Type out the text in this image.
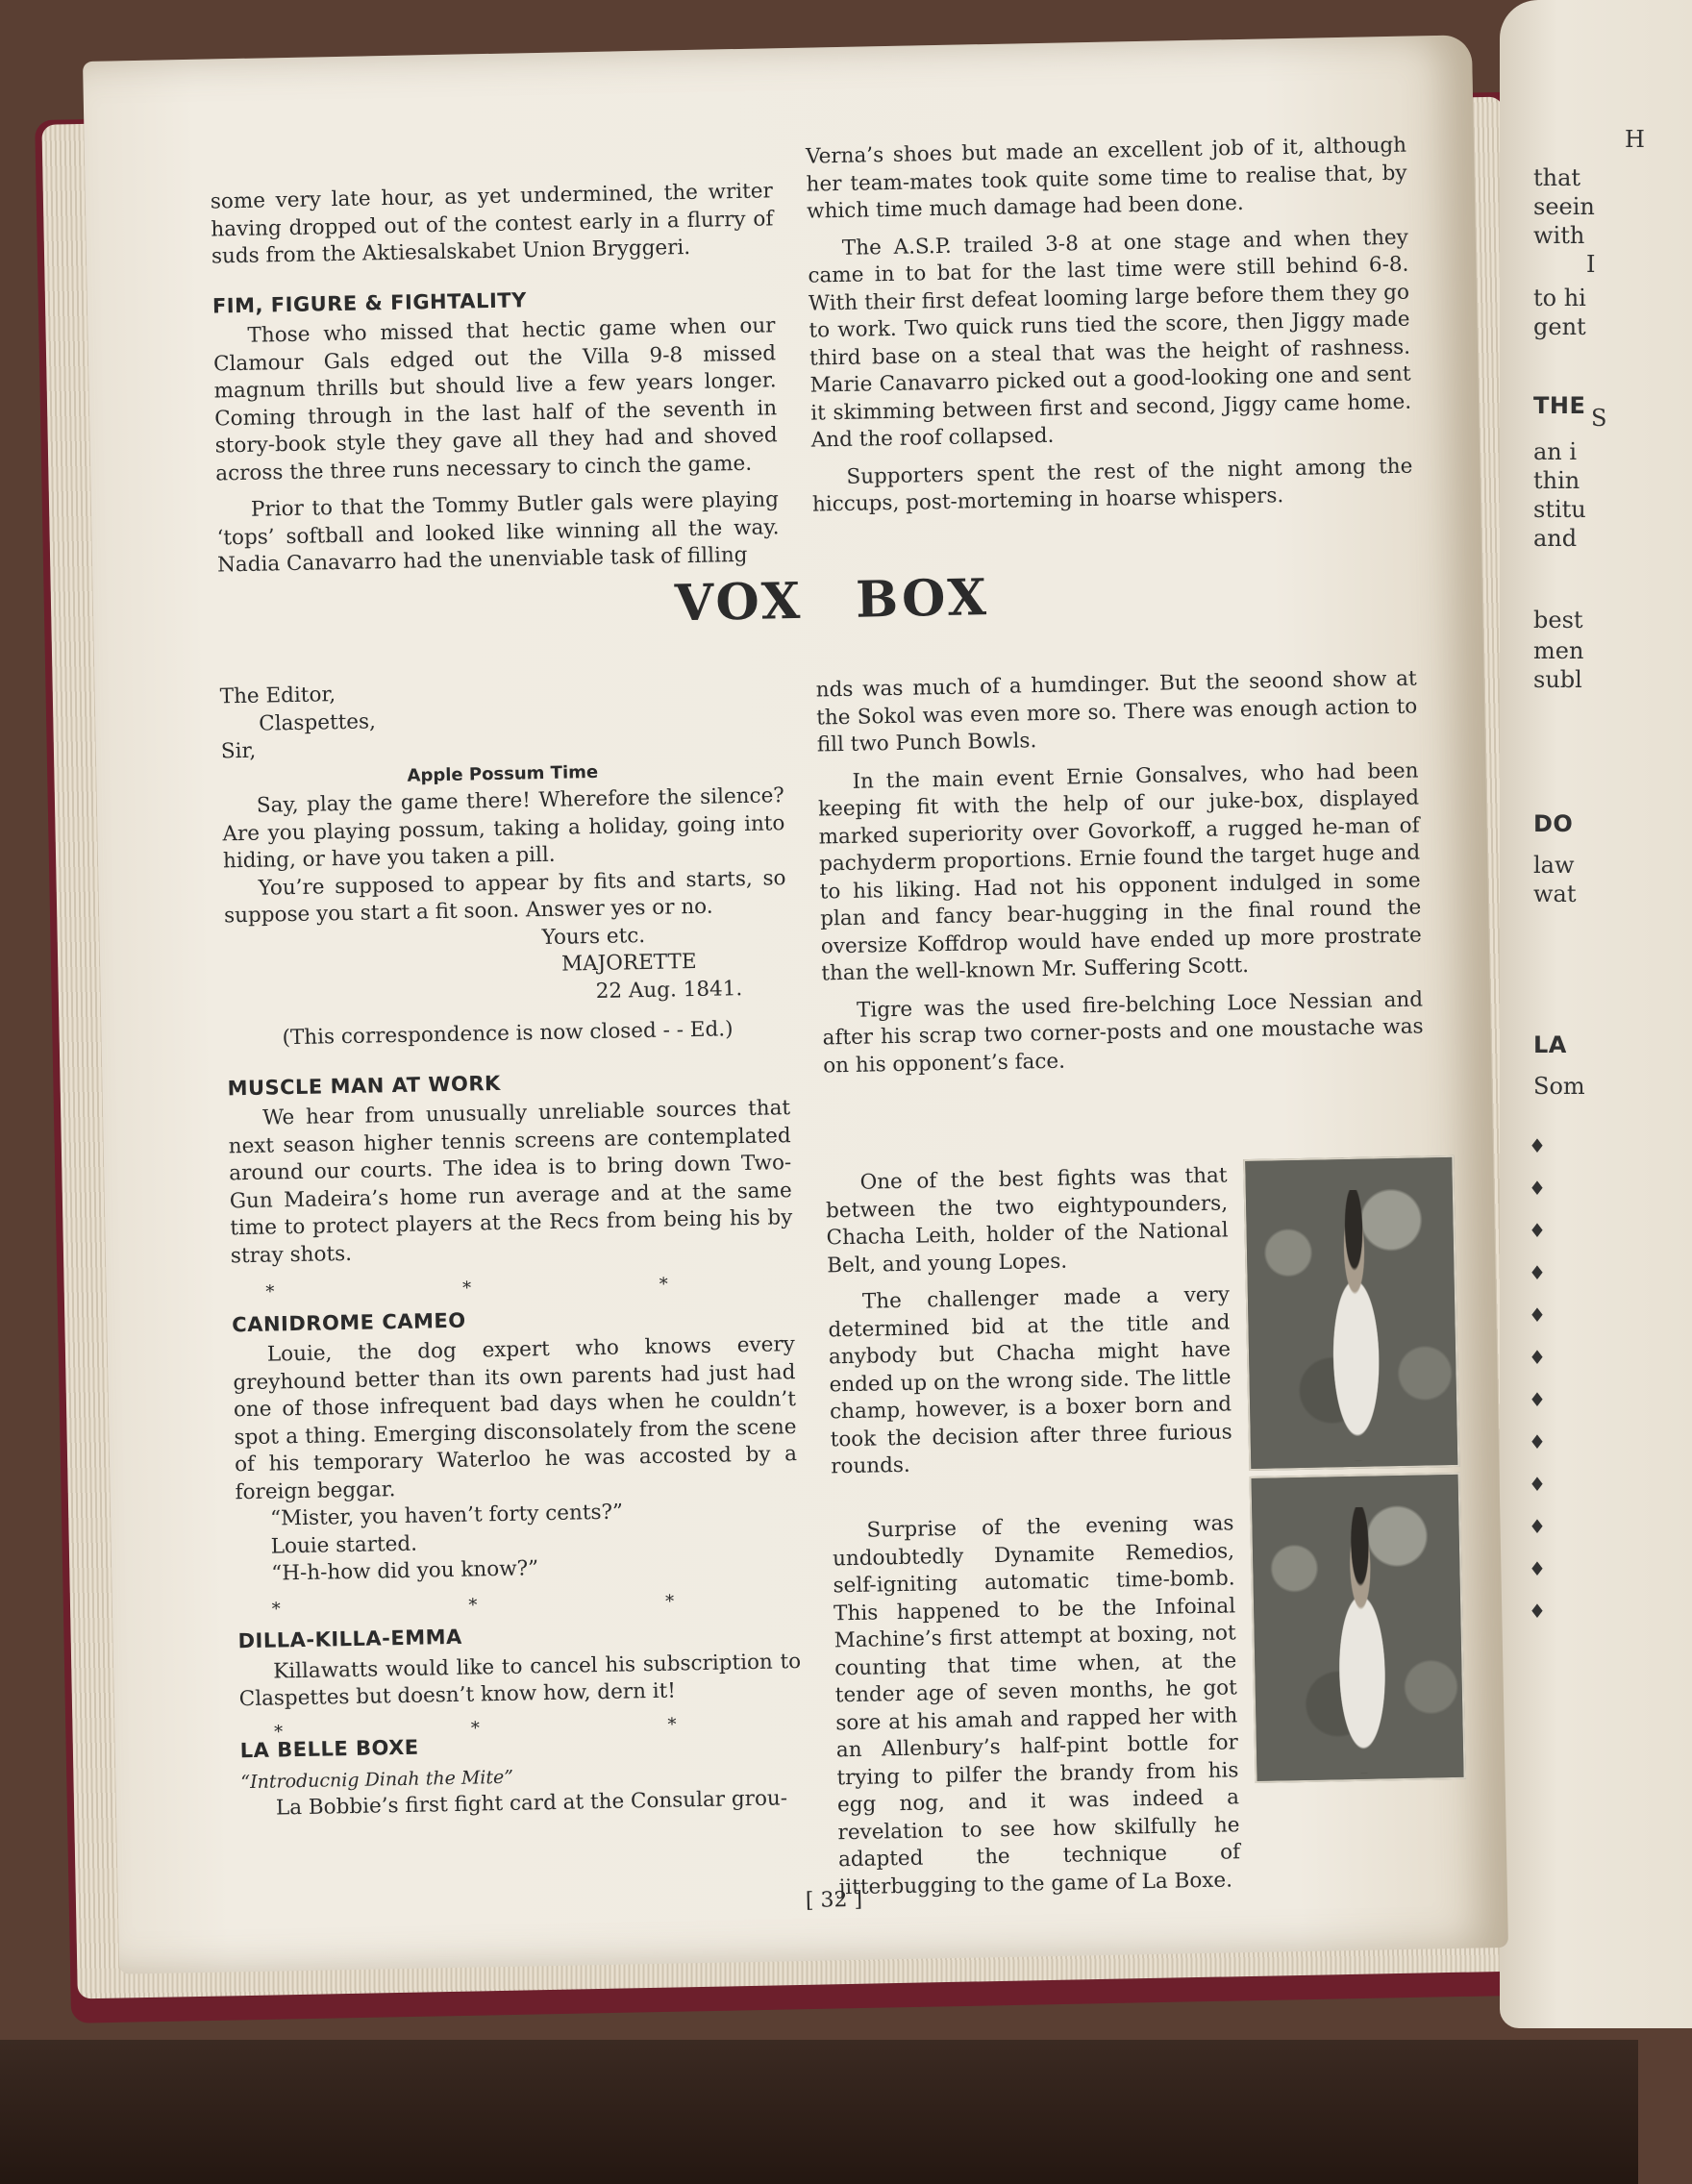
H
that
seein
with
I
to hi
gent
THE S
an i
thin
stitu
and
best
men
subl
DO
law
wat
LA
Som
♦ ♦ ♦ ♦ ♦ ♦ ♦ ♦ ♦ ♦ ♦ ♦

some very late hour, as yet undermined, the writer having dropped out of the contest early in a flurry of suds from the Aktiesalskabet Union Bryggeri.

FIM, FIGURE & FIGHTALITY

Those who missed that hectic game when our Clamour Gals edged out the Villa 9-8 missed magnum thrills but should live a few years longer. Coming through in the last half of the seventh in story-book style they gave all they had and shoved across the three runs necessary to cinch the game.

Prior to that the Tommy Butler gals were playing ‘tops’ softball and looked like winning all the way. Nadia Canavarro had the unenviable task of filling

Verna’s shoes but made an excellent job of it, although her team-mates took quite some time to realise that, by which time much damage had been done.

The A.S.P. trailed 3-8 at one stage and when they came in to bat for the last time were still behind 6-8. With their first defeat looming large before them they go to work. Two quick runs tied the score, then Jiggy made third base on a steal that was the height of rashness. Marie Canavarro picked out a good-looking one and sent it skimming between first and second, Jiggy came home. And the roof collapsed.

Supporters spent the rest of the night among the hiccups, post-morteming in hoarse whispers.

VOX BOX

The Editor,

Claspettes,

Sir,

Apple Possum Time

Say, play the game there! Wherefore the silence? Are you playing possum, taking a holiday, going into hiding, or have you taken a pill.

You’re supposed to appear by fits and starts, so suppose you start a fit soon. Answer yes or no.

Yours etc.

MAJORETTE

22 Aug. 1841.

(This correspondence is now closed - - Ed.)

MUSCLE MAN AT WORK

We hear from unusually unreliable sources that next season higher tennis screens are contemplated around our courts. The idea is to bring down Two-Gun Madeira’s home run average and at the same time to protect players at the Recs from being his by stray shots.

* * *
CANIDROME CAMEO

Louie, the dog expert who knows every greyhound better than its own parents had just had one of those infrequent bad days when he couldn’t spot a thing. Emerging disconsolately from the scene of his temporary Waterloo he was accosted by a foreign beggar.

“Mister, you haven’t forty cents?”

Louie started.

“H-h-how did you know?”

* * *
DILLA-KILLA-EMMA

Killawatts would like to cancel his subscription to Claspettes but doesn’t know how, dern it!

* * *
LA BELLE BOXE

“Introducnig Dinah the Mite”

La Bobbie’s first fight card at the Consular grou-

nds was much of a humdinger. But the seoond show at the Sokol was even more so. There was enough action to fill two Punch Bowls.

In the main event Ernie Gonsalves, who had been keeping fit with the help of our juke-box, displayed marked superiority over Govorkoff, a rugged he-man of pachyderm proportions. Ernie found the target huge and to his liking. Had not his opponent indulged in some plan and fancy bear-hugging in the final round the oversize Koffdrop would have ended up more prostrate than the well-known Mr. Suffering Scott.

Tigre was the used fire-belching Loce Nessian and after his scrap two corner-posts and one moustache was on his opponent’s face.

One of the best fights was that between the two eightypounders, Chacha Leith, holder of the National Belt, and young Lopes.

The challenger made a very determined bid at the title and anybody but Chacha might have ended up on the wrong side. The little champ, however, is a boxer born and took the decision after three furious rounds.

Surprise of the evening was undoubtedly Dynamite Remedios, self-igniting automatic time-bomb. This happened to be the Infoinal Machine’s first attempt at boxing, not counting that time when, at the tender age of seven months, he got sore at his amah and rapped her with an Allenbury’s half-pint bottle for trying to pilfer the brandy from his egg nog, and it was indeed a revelation to see how skilfully he adapted the technique of jitterbugging to the game of La Boxe.

[ 32 ]
